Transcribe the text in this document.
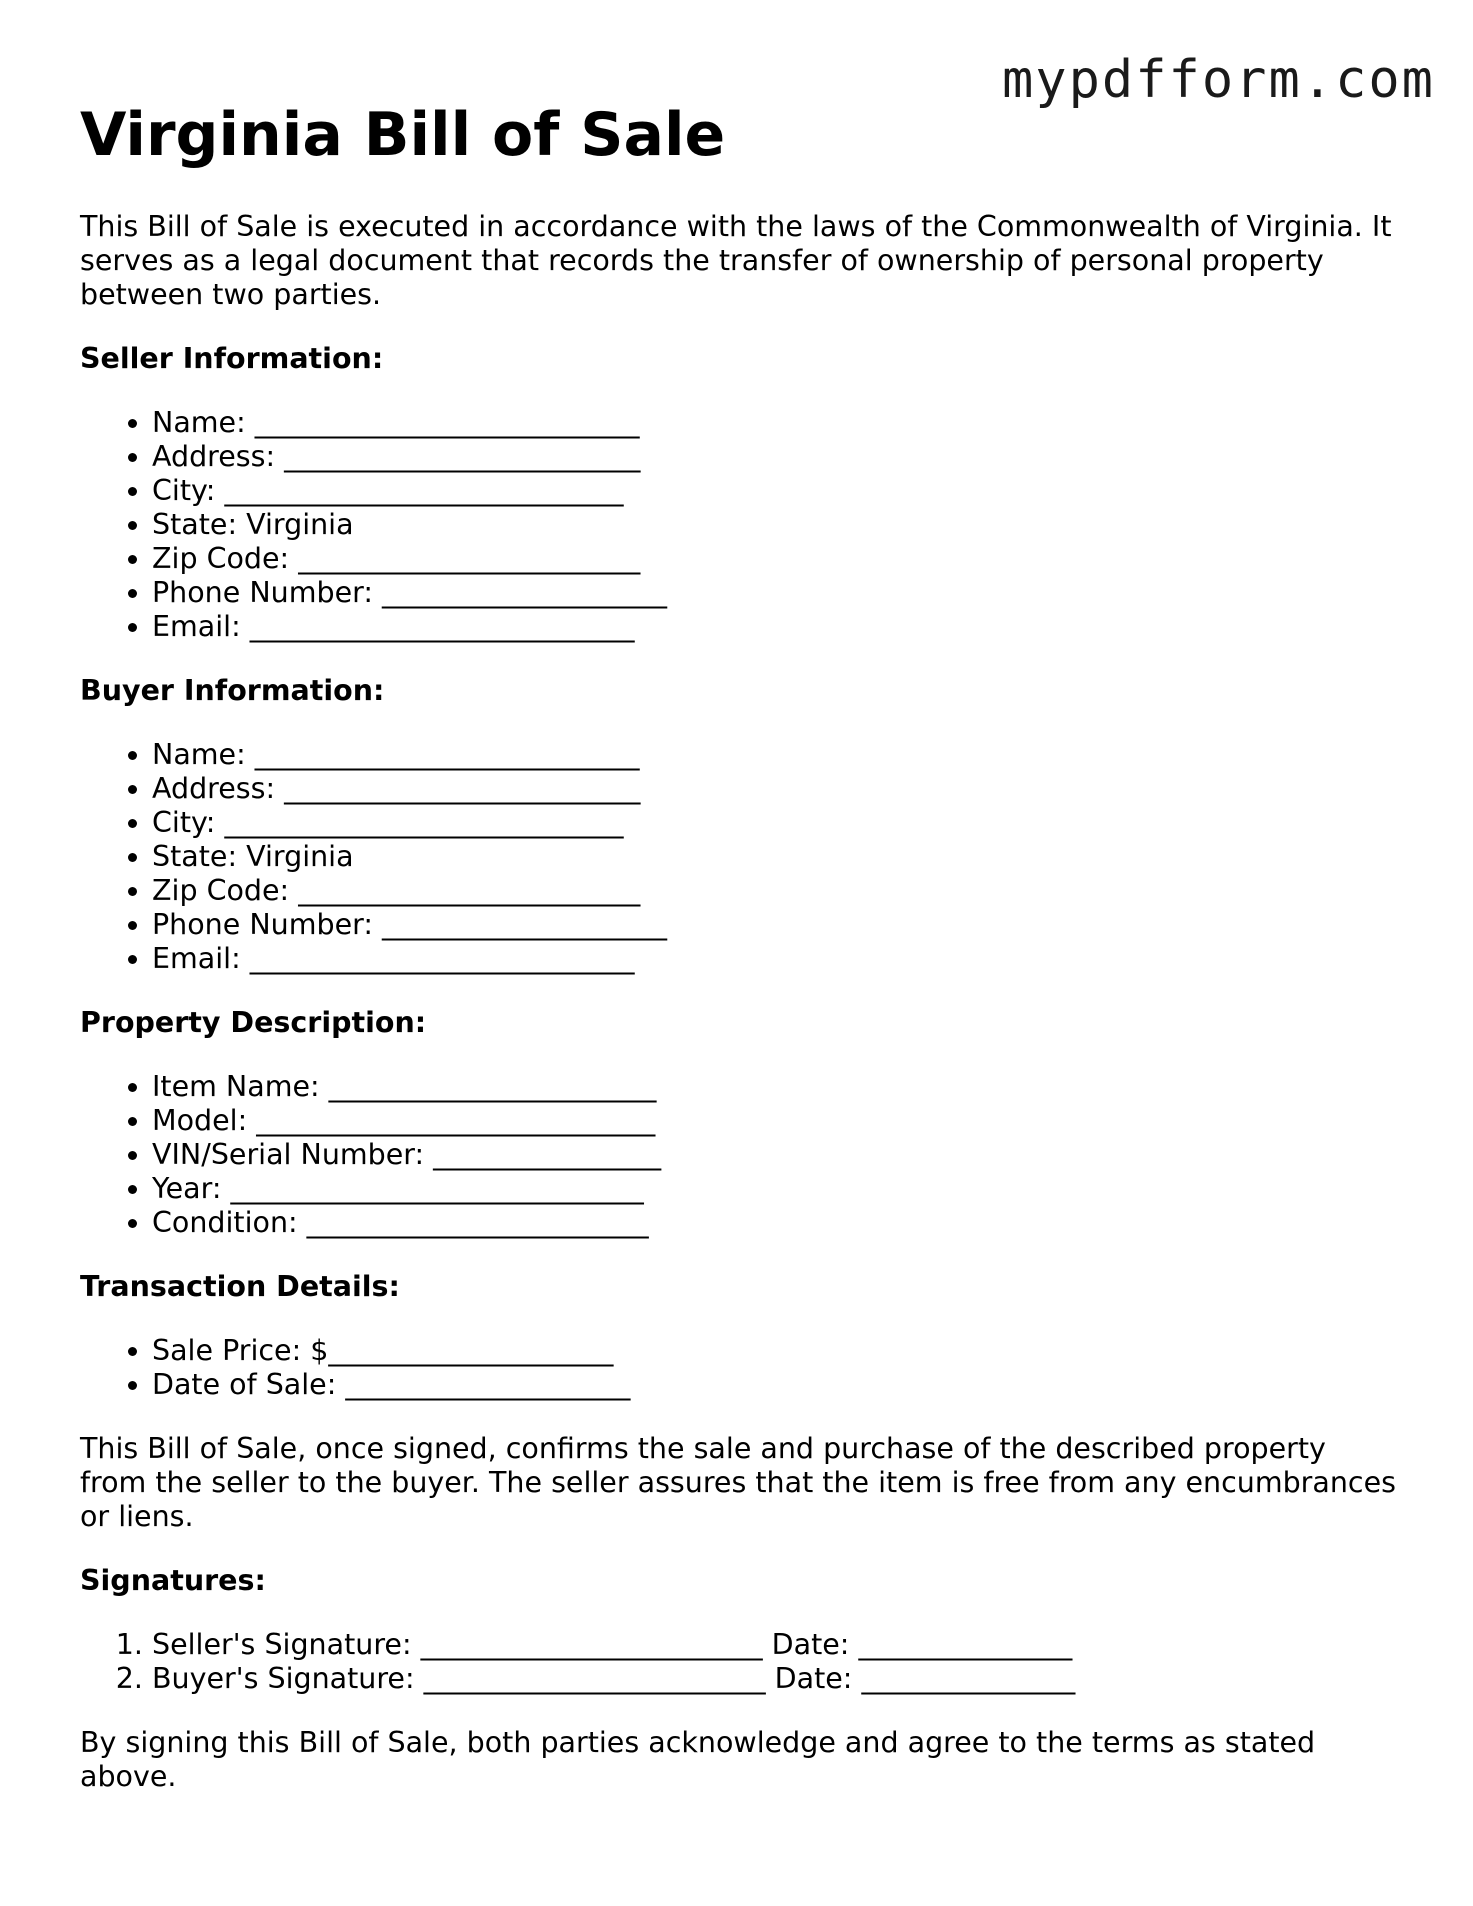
mypdfform.com
Virginia Bill of Sale

This Bill of Sale is executed in accordance with the laws of the Commonwealth of Virginia. It serves as a legal document that records the transfer of ownership of personal property between two parties.

Seller Information:
• Name: ___________________________
• Address: _________________________
• City: ____________________________
• State: Virginia
• Zip Code: ________________________
• Phone Number: ____________________
• Email: ___________________________
Buyer Information:
• Name: ___________________________
• Address: _________________________
• City: ____________________________
• State: Virginia
• Zip Code: ________________________
• Phone Number: ____________________
• Email: ___________________________
Property Description:
• Item Name: _______________________
• Model: ____________________________
• VIN/Serial Number: ________________
• Year: _____________________________
• Condition: ________________________
Transaction Details:
• Sale Price: $____________________
• Date of Sale: ____________________

This Bill of Sale, once signed, confirms the sale and purchase of the described property from the seller to the buyer. The seller assures that the item is free from any encumbrances or liens.

Signatures:
1. Seller's Signature: ________________________ Date: _______________
2. Buyer's Signature: ________________________ Date: _______________

By signing this Bill of Sale, both parties acknowledge and agree to the terms as stated above.
